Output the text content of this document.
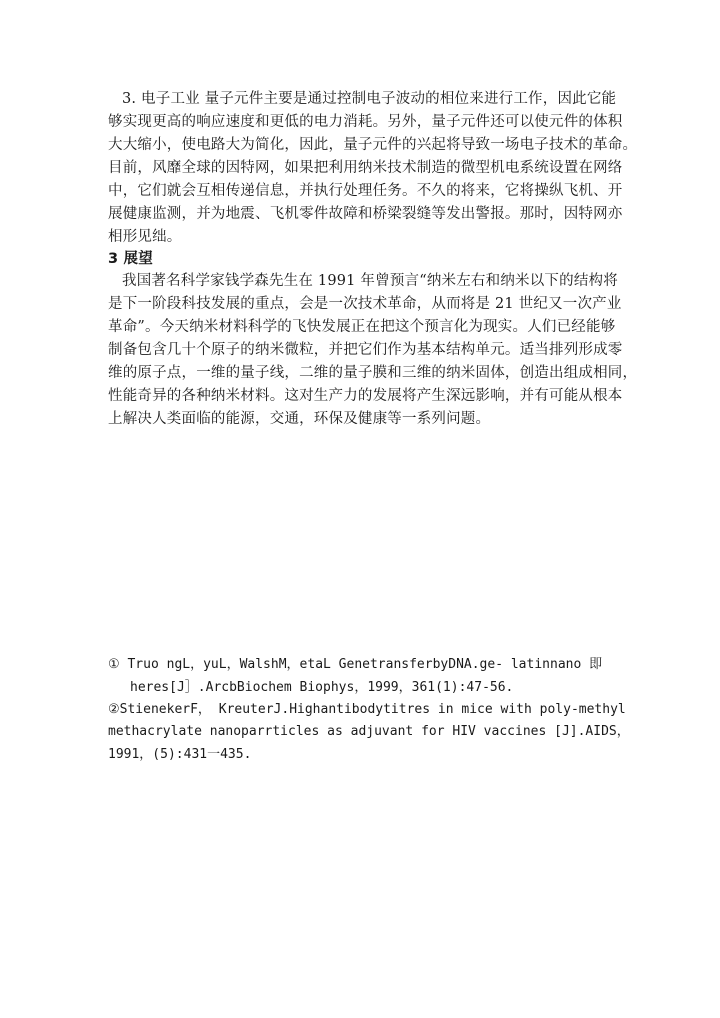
3. 电子工业 量子元件主要是通过控制电子波动的相位来进行工作，因此它能
够实现更高的响应速度和更低的电力消耗。另外，量子元件还可以使元件的体积
大大缩小，使电路大为简化，因此，量子元件的兴起将导致一场电子技术的革命。
目前，风靡全球的因特网，如果把利用纳米技术制造的微型机电系统设置在网络
中，它们就会互相传递信息，并执行处理任务。不久的将来，它将操纵飞机、开
展健康监测，并为地震、飞机零件故障和桥梁裂缝等发出警报。那时，因特网亦
相形见绌。
3 展望
我国著名科学家钱学森先生在 1991 年曾预言“纳米左右和纳米以下的结构将
是下一阶段科技发展的重点，会是一次技术革命，从而将是 21 世纪又一次产业
革命”。今天纳米材料科学的飞快发展正在把这个预言化为现实。人们已经能够
制备包含几十个原子的纳米微粒，并把它们作为基本结构单元。适当排列形成零
维的原子点，一维的量子线，二维的量子膜和三维的纳米固体，创造出组成相同，
性能奇异的各种纳米材料。这对生产力的发展将产生深远影响，并有可能从根本
上解决人类面临的能源，交通，环保及健康等一系列问题。
① Truo ngL，yuL，WalshM，etaL GenetransferbyDNA.ge- latinnano 即
heres[J］.ArcbBiochem Biophys，1999，361(1):47-56.
②StienekerF， KreuterJ.Highantibodytitres in mice with poly-methyl
methacrylate nanoparrticles as adjuvant for HIV vaccines [J].AIDS，
1991，(5):431一435.
